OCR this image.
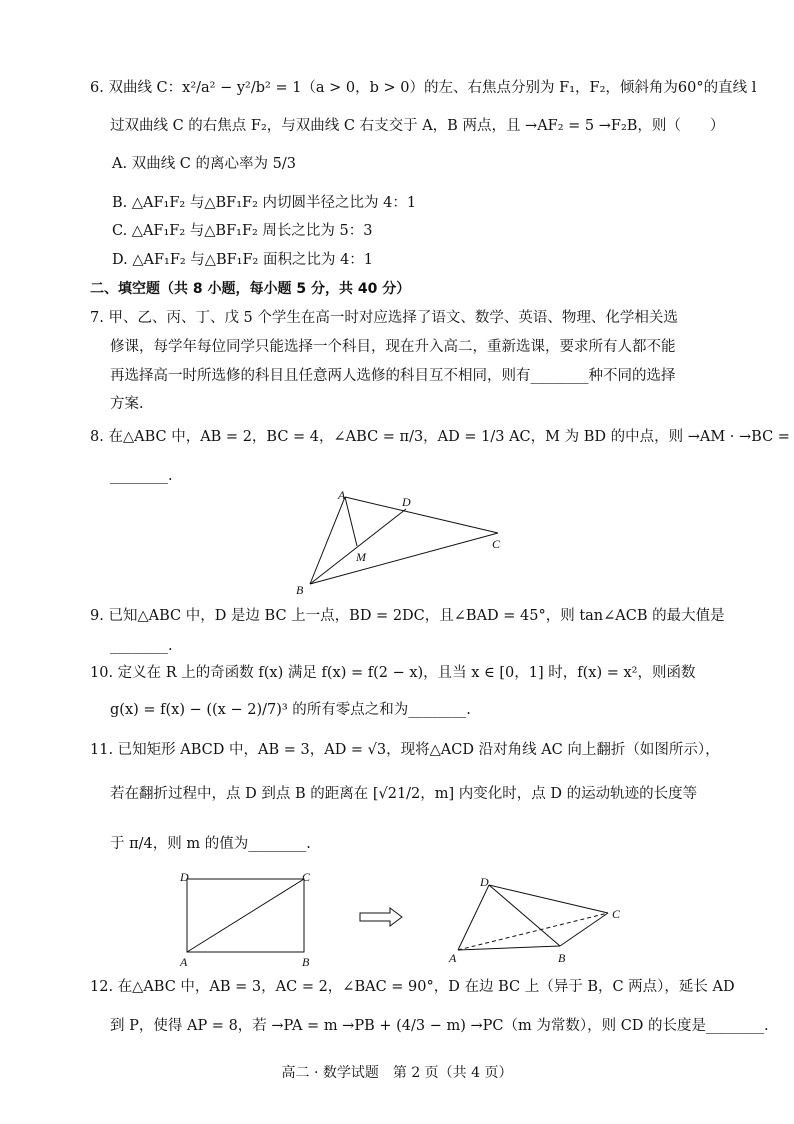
6. 双曲线 C：x²/a² − y²/b² = 1（a > 0，b > 0）的左、右焦点分别为 F₁，F₂，倾斜角为60°的直线 l
过双曲线 C 的右焦点 F₂，与双曲线 C 右支交于 A，B 两点，且 →AF₂ = 5 →F₂B，则（　　）
A. 双曲线 C 的离心率为 5/3
B. △AF₁F₂ 与△BF₁F₂ 内切圆半径之比为 4：1
C. △AF₁F₂ 与△BF₁F₂ 周长之比为 5：3
D. △AF₁F₂ 与△BF₁F₂ 面积之比为 4：1
二、填空题（共 8 小题，每小题 5 分，共 40 分）
7. 甲、乙、丙、丁、戊 5 个学生在高一时对应选择了语文、数学、英语、物理、化学相关选
修课，每学年每位同学只能选择一个科目，现在升入高二，重新选课，要求所有人都不能
再选择高一时所选修的科目且任意两人选修的科目互不相同，则有________种不同的选择
方案.
8. 在△ABC 中，AB = 2，BC = 4，∠ABC = π/3，AD = 1/3 AC，M 为 BD 的中点，则 →AM · →BC =
________.
A
B
C
D
M
9. 已知△ABC 中，D 是边 BC 上一点，BD = 2DC，且∠BAD = 45°，则 tan∠ACB 的最大值是
________.
10. 定义在 R 上的奇函数 f(x) 满足 f(x) = f(2 − x)，且当 x ∈ [0，1] 时，f(x) = x²，则函数
g(x) = f(x) − ((x − 2)/7)³ 的所有零点之和为________.
11. 已知矩形 ABCD 中，AB = 3，AD = √3，现将△ACD 沿对角线 AC 向上翻折（如图所示），
若在翻折过程中，点 D 到点 B 的距离在 [√21/2，m] 内变化时，点 D 的运动轨迹的长度等
于 π/4，则 m 的值为________.
D	C
A	B
D
C
A	B
12. 在△ABC 中，AB = 3，AC = 2，∠BAC = 90°，D 在边 BC 上（异于 B，C 两点），延长 AD
到 P，使得 AP = 8，若 →PA = m →PB + (4/3 − m) →PC（m 为常数），则 CD 的长度是________.
高二 · 数学试题　第 2 页（共 4 页）
